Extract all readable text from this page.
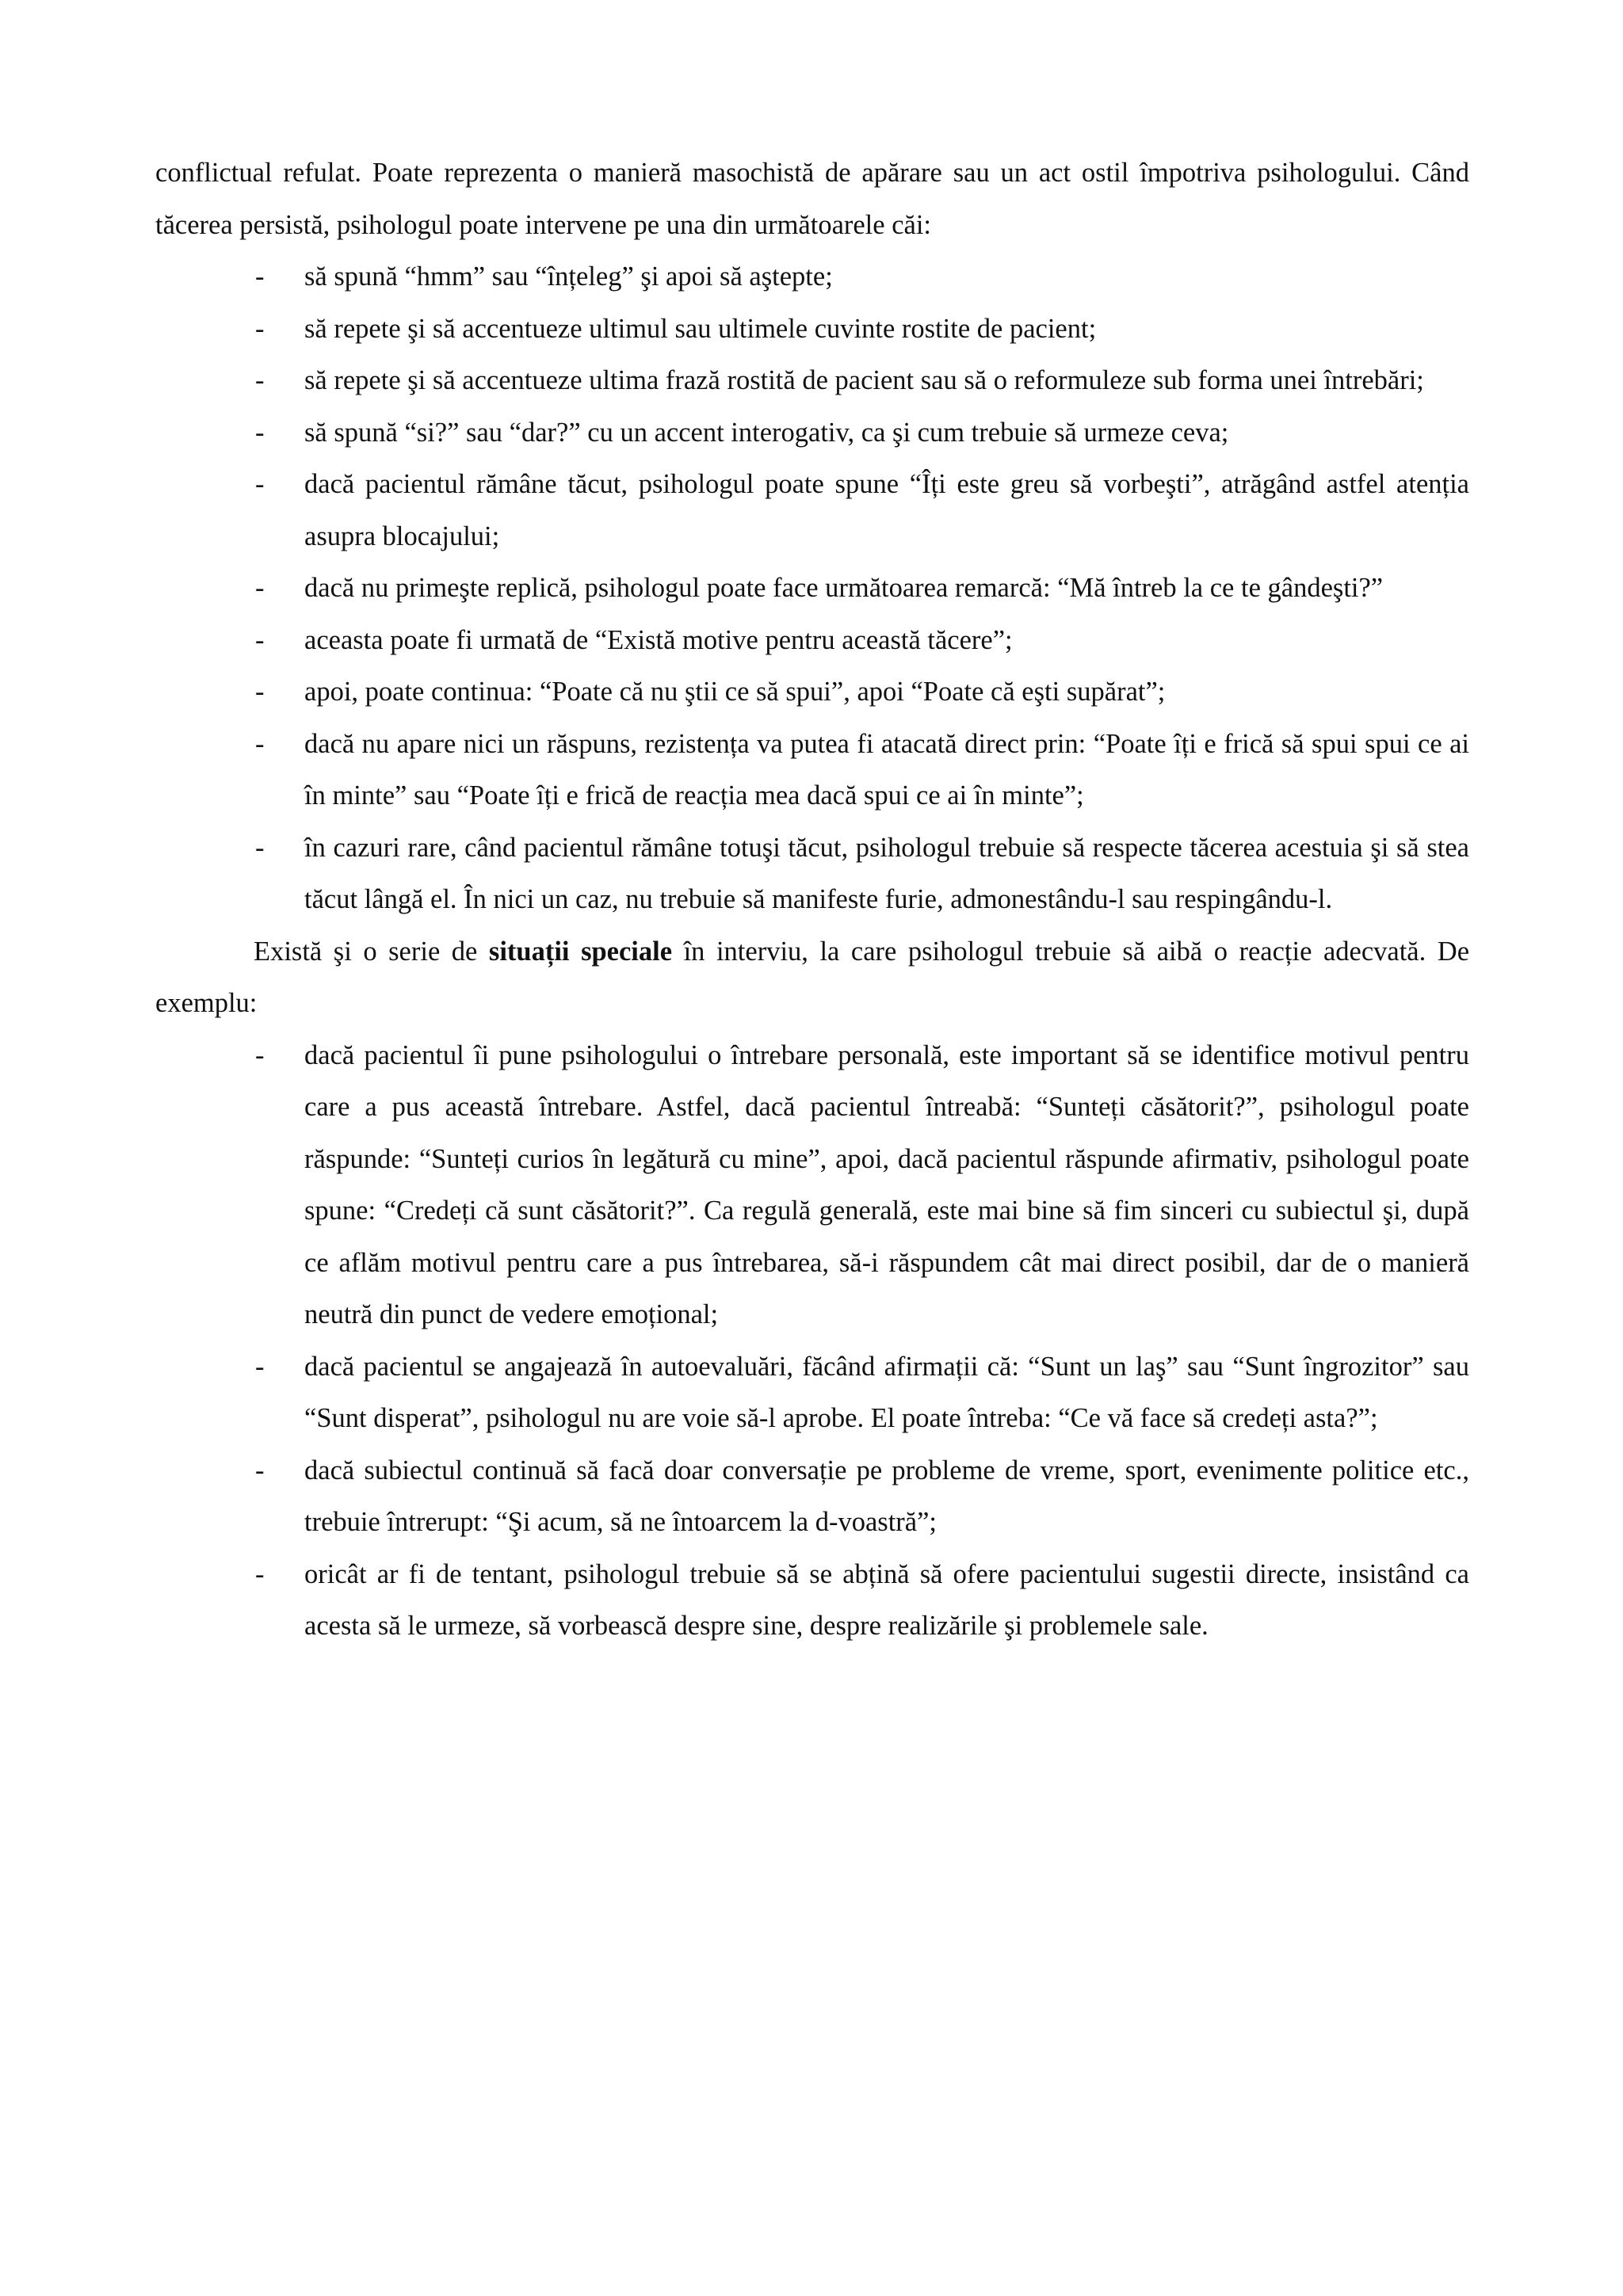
conflictual refulat. Poate reprezenta o manieră masochistă de apărare sau un act ostil împotriva psihologului. Când tăcerea persistă, psihologul poate intervene pe una din următoarele căi:

- să spună “hmm” sau “înțeleg” şi apoi să aştepte;
- să repete şi să accentueze ultimul sau ultimele cuvinte rostite de pacient;
- să repete şi să accentueze ultima frază rostită de pacient sau să o reformuleze sub forma unei întrebări;
- să spună “si?” sau “dar?” cu un accent interogativ, ca şi cum trebuie să urmeze ceva;
- dacă pacientul rămâne tăcut, psihologul poate spune “Îți este greu să vorbeşti”, atrăgând astfel atenția asupra blocajului;
- dacă nu primeşte replică, psihologul poate face următoarea remarcă: “Mă întreb la ce te gândeşti?”
- aceasta poate fi urmată de “Există motive pentru această tăcere”;
- apoi, poate continua: “Poate că nu ştii ce să spui”, apoi “Poate că eşti supărat”;
- dacă nu apare nici un răspuns, rezistența va putea fi atacată direct prin: “Poate îți e frică să spui spui ce ai în minte” sau “Poate îți e frică de reacția mea dacă spui ce ai în minte”;
- în cazuri rare, când pacientul rămâne totuşi tăcut, psihologul trebuie să respecte tăcerea acestuia şi să stea tăcut lângă el. În nici un caz, nu trebuie să manifeste furie, admonestându-l sau respingându-l.

Există şi o serie de situații speciale în interviu, la care psihologul trebuie să aibă o reacție adecvată. De exemplu:

- dacă pacientul îi pune psihologului o întrebare personală, este important să se identifice motivul pentru care a pus această întrebare. Astfel, dacă pacientul întreabă: “Sunteți căsătorit?”, psihologul poate răspunde: “Sunteți curios în legătură cu mine”, apoi, dacă pacientul răspunde afirmativ, psihologul poate spune: “Credeți că sunt căsătorit?”. Ca regulă generală, este mai bine să fim sinceri cu subiectul şi, după ce aflăm motivul pentru care a pus întrebarea, să-i răspundem cât mai direct posibil, dar de o manieră neutră din punct de vedere emoțional;
- dacă pacientul se angajează în autoevaluări, făcând afirmații că: “Sunt un laş” sau “Sunt îngrozitor” sau “Sunt disperat”, psihologul nu are voie să-l aprobe. El poate întreba: “Ce vă face să credeți asta?”;
- dacă subiectul continuă să facă doar conversație pe probleme de vreme, sport, evenimente politice etc., trebuie întrerupt: “Şi acum, să ne întoarcem la d-voastră”;
- oricât ar fi de tentant, psihologul trebuie să se abțină să ofere pacientului sugestii directe, insistând ca acesta să le urmeze, să vorbească despre sine, despre realizările şi problemele sale.
